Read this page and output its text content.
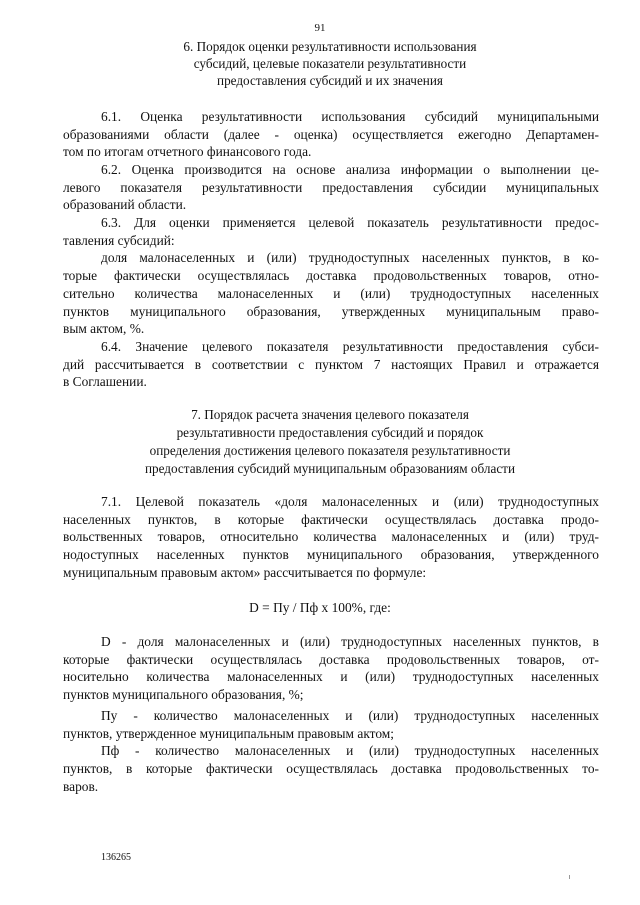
91
6. Порядок оценки результативности использования
субсидий, целевые показатели результативности
предоставления субсидий и их значения
6.1. Оценка результативности использования субсидий муниципальными
образованиями области (далее - оценка) осуществляется ежегодно Департамен-
том по итогам отчетного финансового года.
6.2. Оценка производится на основе анализа информации о выполнении це-
левого показателя результативности предоставления субсидии муниципальных
образований области.
6.3. Для оценки применяется целевой показатель результативности предос-
тавления субсидий:
доля малонаселенных и (или) труднодоступных населенных пунктов, в ко-
торые фактически осуществлялась доставка продовольственных товаров, отно-
сительно количества малонаселенных и (или) труднодоступных населенных
пунктов муниципального образования, утвержденных муниципальным право-
вым актом, %.
6.4. Значение целевого показателя результативности предоставления субси-
дий рассчитывается в соответствии с пунктом 7 настоящих Правил и отражается
в Соглашении.
7. Порядок расчета значения целевого показателя
результативности предоставления субсидий и порядок
определения достижения целевого показателя результативности
предоставления субсидий муниципальным образованиям области
7.1. Целевой показатель «доля малонаселенных и (или) труднодоступных
населенных пунктов, в которые фактически осуществлялась доставка продо-
вольственных товаров, относительно количества малонаселенных и (или) труд-
нодоступных населенных пунктов муниципального образования, утвержденного
муниципальным правовым актом» рассчитывается по формуле:
D = Пу / Пф x 100%, где:
D - доля малонаселенных и (или) труднодоступных населенных пунктов, в
которые фактически осуществлялась доставка продовольственных товаров, от-
носительно количества малонаселенных и (или) труднодоступных населенных
пунктов муниципального образования, %;
Пу - количество малонаселенных и (или) труднодоступных населенных
пунктов, утвержденное муниципальным правовым актом;
Пф - количество малонаселенных и (или) труднодоступных населенных
пунктов, в которые фактически осуществлялась доставка продовольственных то-
варов.
136265
